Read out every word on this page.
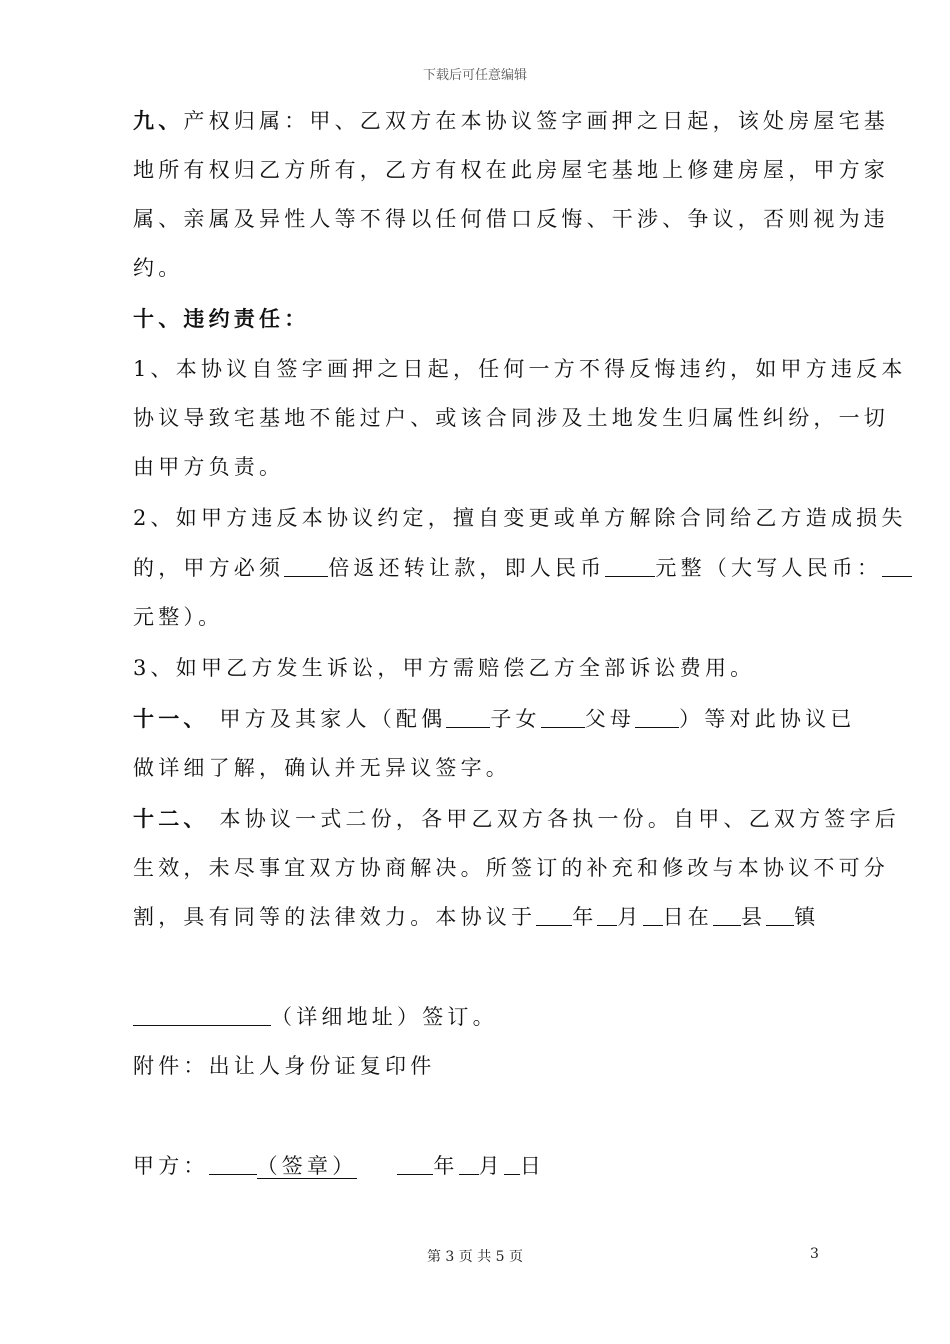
下载后可任意编辑
九、产权归属：甲、乙双方在本协议签字画押之日起，该处房屋宅基
地所有权归乙方所有，乙方有权在此房屋宅基地上修建房屋，甲方家
属、亲属及异性人等不得以任何借口反悔、干涉、争议，否则视为违
约。
十、违约责任：
1、本协议自签字画押之日起，任何一方不得反悔违约，如甲方违反本
协议导致宅基地不能过户、或该合同涉及土地发生归属性纠纷，一切
由甲方负责。
2、如甲方违反本协议约定，擅自变更或单方解除合同给乙方造成损失
的，甲方必须 倍返还转让款，即人民币 元整（大写人民币：
元整）。
3、如甲乙方发生诉讼，甲方需赔偿乙方全部诉讼费用。
十一、 甲方及其家人（配偶 子女 父母 ）等对此协议已
做详细了解，确认并无异议签字。
十二、 本协议一式二份，各甲乙双方各执一份。自甲、乙双方签字后
生效，未尽事宜双方协商解决。所签订的补充和修改与本协议不可分
割，具有同等的法律效力。本协议于 年 月 日在 县 镇
（详细地址）签订。
附件：出让人身份证复印件
甲方： （签章）	年 月 日
第 3 页 共 5 页	3
